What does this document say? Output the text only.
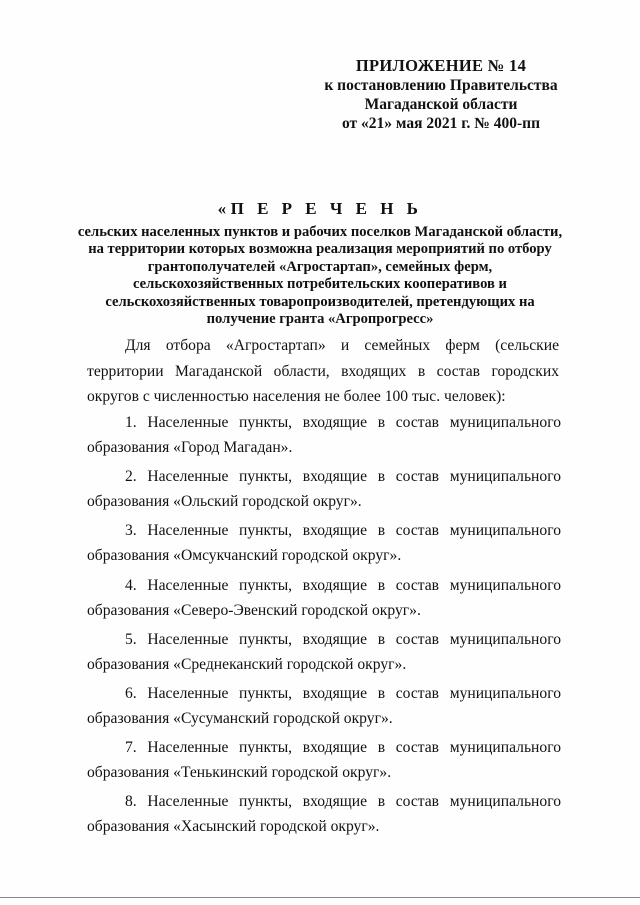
ПРИЛОЖЕНИЕ № 14
к постановлению Правительства
Магаданской области
от «21» мая 2021 г. № 400-пп
«П Е Р Е Ч Е Н Ь
сельских населенных пунктов и рабочих поселков Магаданской области, на территории которых возможна реализация мероприятий по отбору грантополучателей «Агростартап», семейных ферм, сельскохозяйственных потребительских кооперативов и сельскохозяйственных товаропроизводителей, претендующих на получение гранта «Агропрогресс»

Для отбора «Агростартап» и семейных ферм (сельские территории Магаданской области, входящих в состав городских округов с численностью населения не более 100 тыс. человек):

1. Населенные пункты, входящие в состав муниципального
образования «Город Магадан».
2. Населенные пункты, входящие в состав муниципального
образования «Ольский городской округ».
3. Населенные пункты, входящие в состав муниципального
образования «Омсукчанский городской округ».
4. Населенные пункты, входящие в состав муниципального
образования «Северо-Эвенский городской округ».
5. Населенные пункты, входящие в состав муниципального
образования «Среднеканский городской округ».
6. Населенные пункты, входящие в состав муниципального
образования «Сусуманский городской округ».
7. Населенные пункты, входящие в состав муниципального
образования «Тенькинский городской округ».
8. Населенные пункты, входящие в состав муниципального
образования «Хасынский городской округ».
